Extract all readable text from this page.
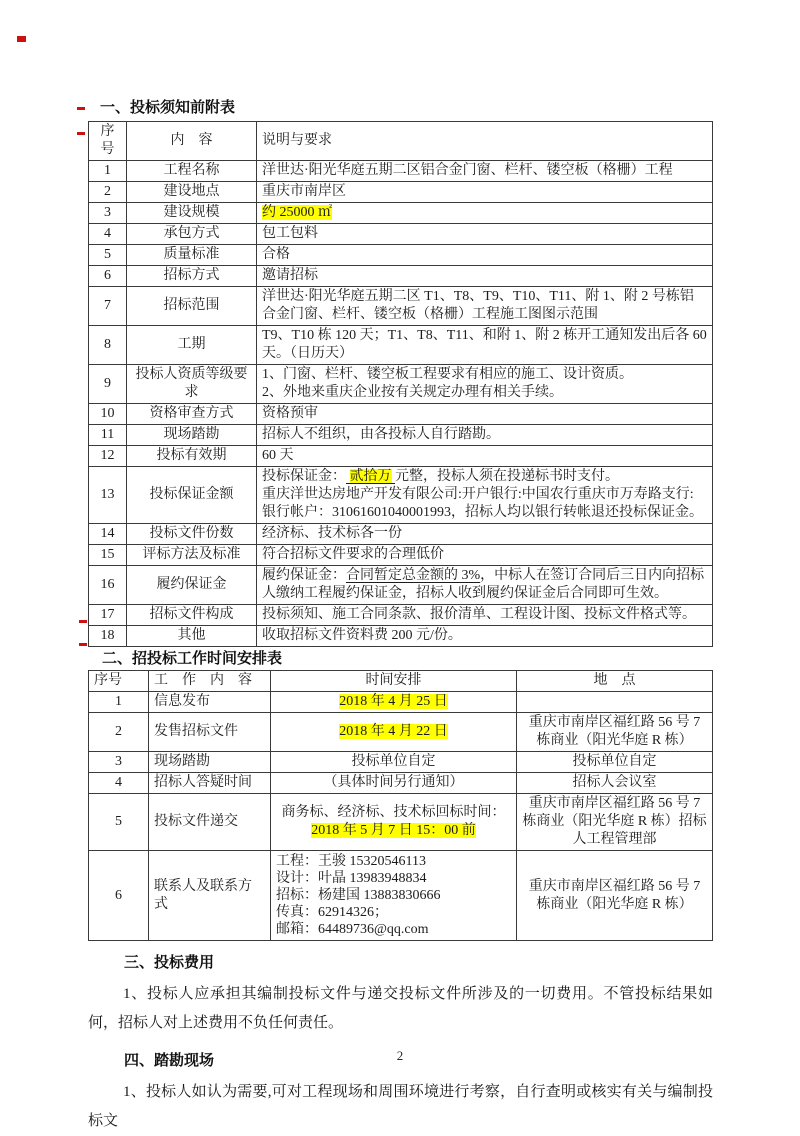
一、投标须知前附表
序号	内　容	说明与要求
1	工程名称	洋世达·阳光华庭五期二区铝合金门窗、栏杆、镂空板（格栅）工程
2	建设地点	重庆市南岸区
3	建设规模	约 25000 ㎡
4	承包方式	包工包料
5	质量标准	合格
6	招标方式	邀请招标
7	招标范围	洋世达·阳光华庭五期二区 T1、T8、T9、T10、T11、附 1、附 2 号栋铝合金门窗、栏杆、镂空板（格栅）工程施工图图示范围
8	工期	T9、T10 栋 120 天；T1、T8、T11、和附 1、附 2 栋开工通知发出后各 60 天。（日历天）
9	投标人资质等级要求	1、门窗、栏杆、镂空板工程要求有相应的施工、设计资质。
2、外地来重庆企业按有关规定办理有相关手续。
10	资格审查方式	资格预审
11	现场踏勘	招标人不组织，由各投标人自行踏勘。
12	投标有效期	60 天
13	投标保证金额	投标保证金： 贰拾万 元整，投标人须在投递标书时支付。
重庆洋世达房地产开发有限公司:开户银行:中国农行重庆市万寿路支行:
银行帐户：31061601040001993，招标人均以银行转帐退还投标保证金。
14	投标文件份数	经济标、技术标各一份
15	评标方法及标准	符合招标文件要求的合理低价
16	履约保证金	履约保证金：合同暂定总金额的 3%，中标人在签订合同后三日内向招标人缴纳工程履约保证金，招标人收到履约保证金后合同即可生效。
17	招标文件构成	投标须知、施工合同条款、报价清单、工程设计图、投标文件格式等。
18	其他	收取招标文件资料费 200 元/份。
二、招投标工作时间安排表
序号	工　作　内　容	时间安排	地　点
1	信息发布	2018 年 4 月 25 日	
2	发售招标文件	2018 年 4 月 22 日	重庆市南岸区福红路 56 号 7 栋商业（阳光华庭 R 栋）
3	现场踏勘	投标单位自定	投标单位自定
4	招标人答疑时间	（具体时间另行通知）	招标人会议室
5	投标文件递交	商务标、经济标、技术标回标时间：2018 年 5 月 7 日 15：00 前	重庆市南岸区福红路 56 号 7 栋商业（阳光华庭 R 栋）招标人工程管理部
6	联系人及联系方式	工程：王骏 15320546113
设计：叶晶 13983948834
招标：杨建国 13883830666
传真：62914326；
邮箱：64489736@qq.com	重庆市南岸区福红路 56 号 7 栋商业（阳光华庭 R 栋）
三、投标费用

1、投标人应承担其编制投标文件与递交投标文件所涉及的一切费用。不管投标结果如何，招标人对上述费用不负任何责任。

四、踏勘现场

1、投标人如认为需要,可对工程现场和周围环境进行考察，自行查明或核实有关与编制投标文

2
